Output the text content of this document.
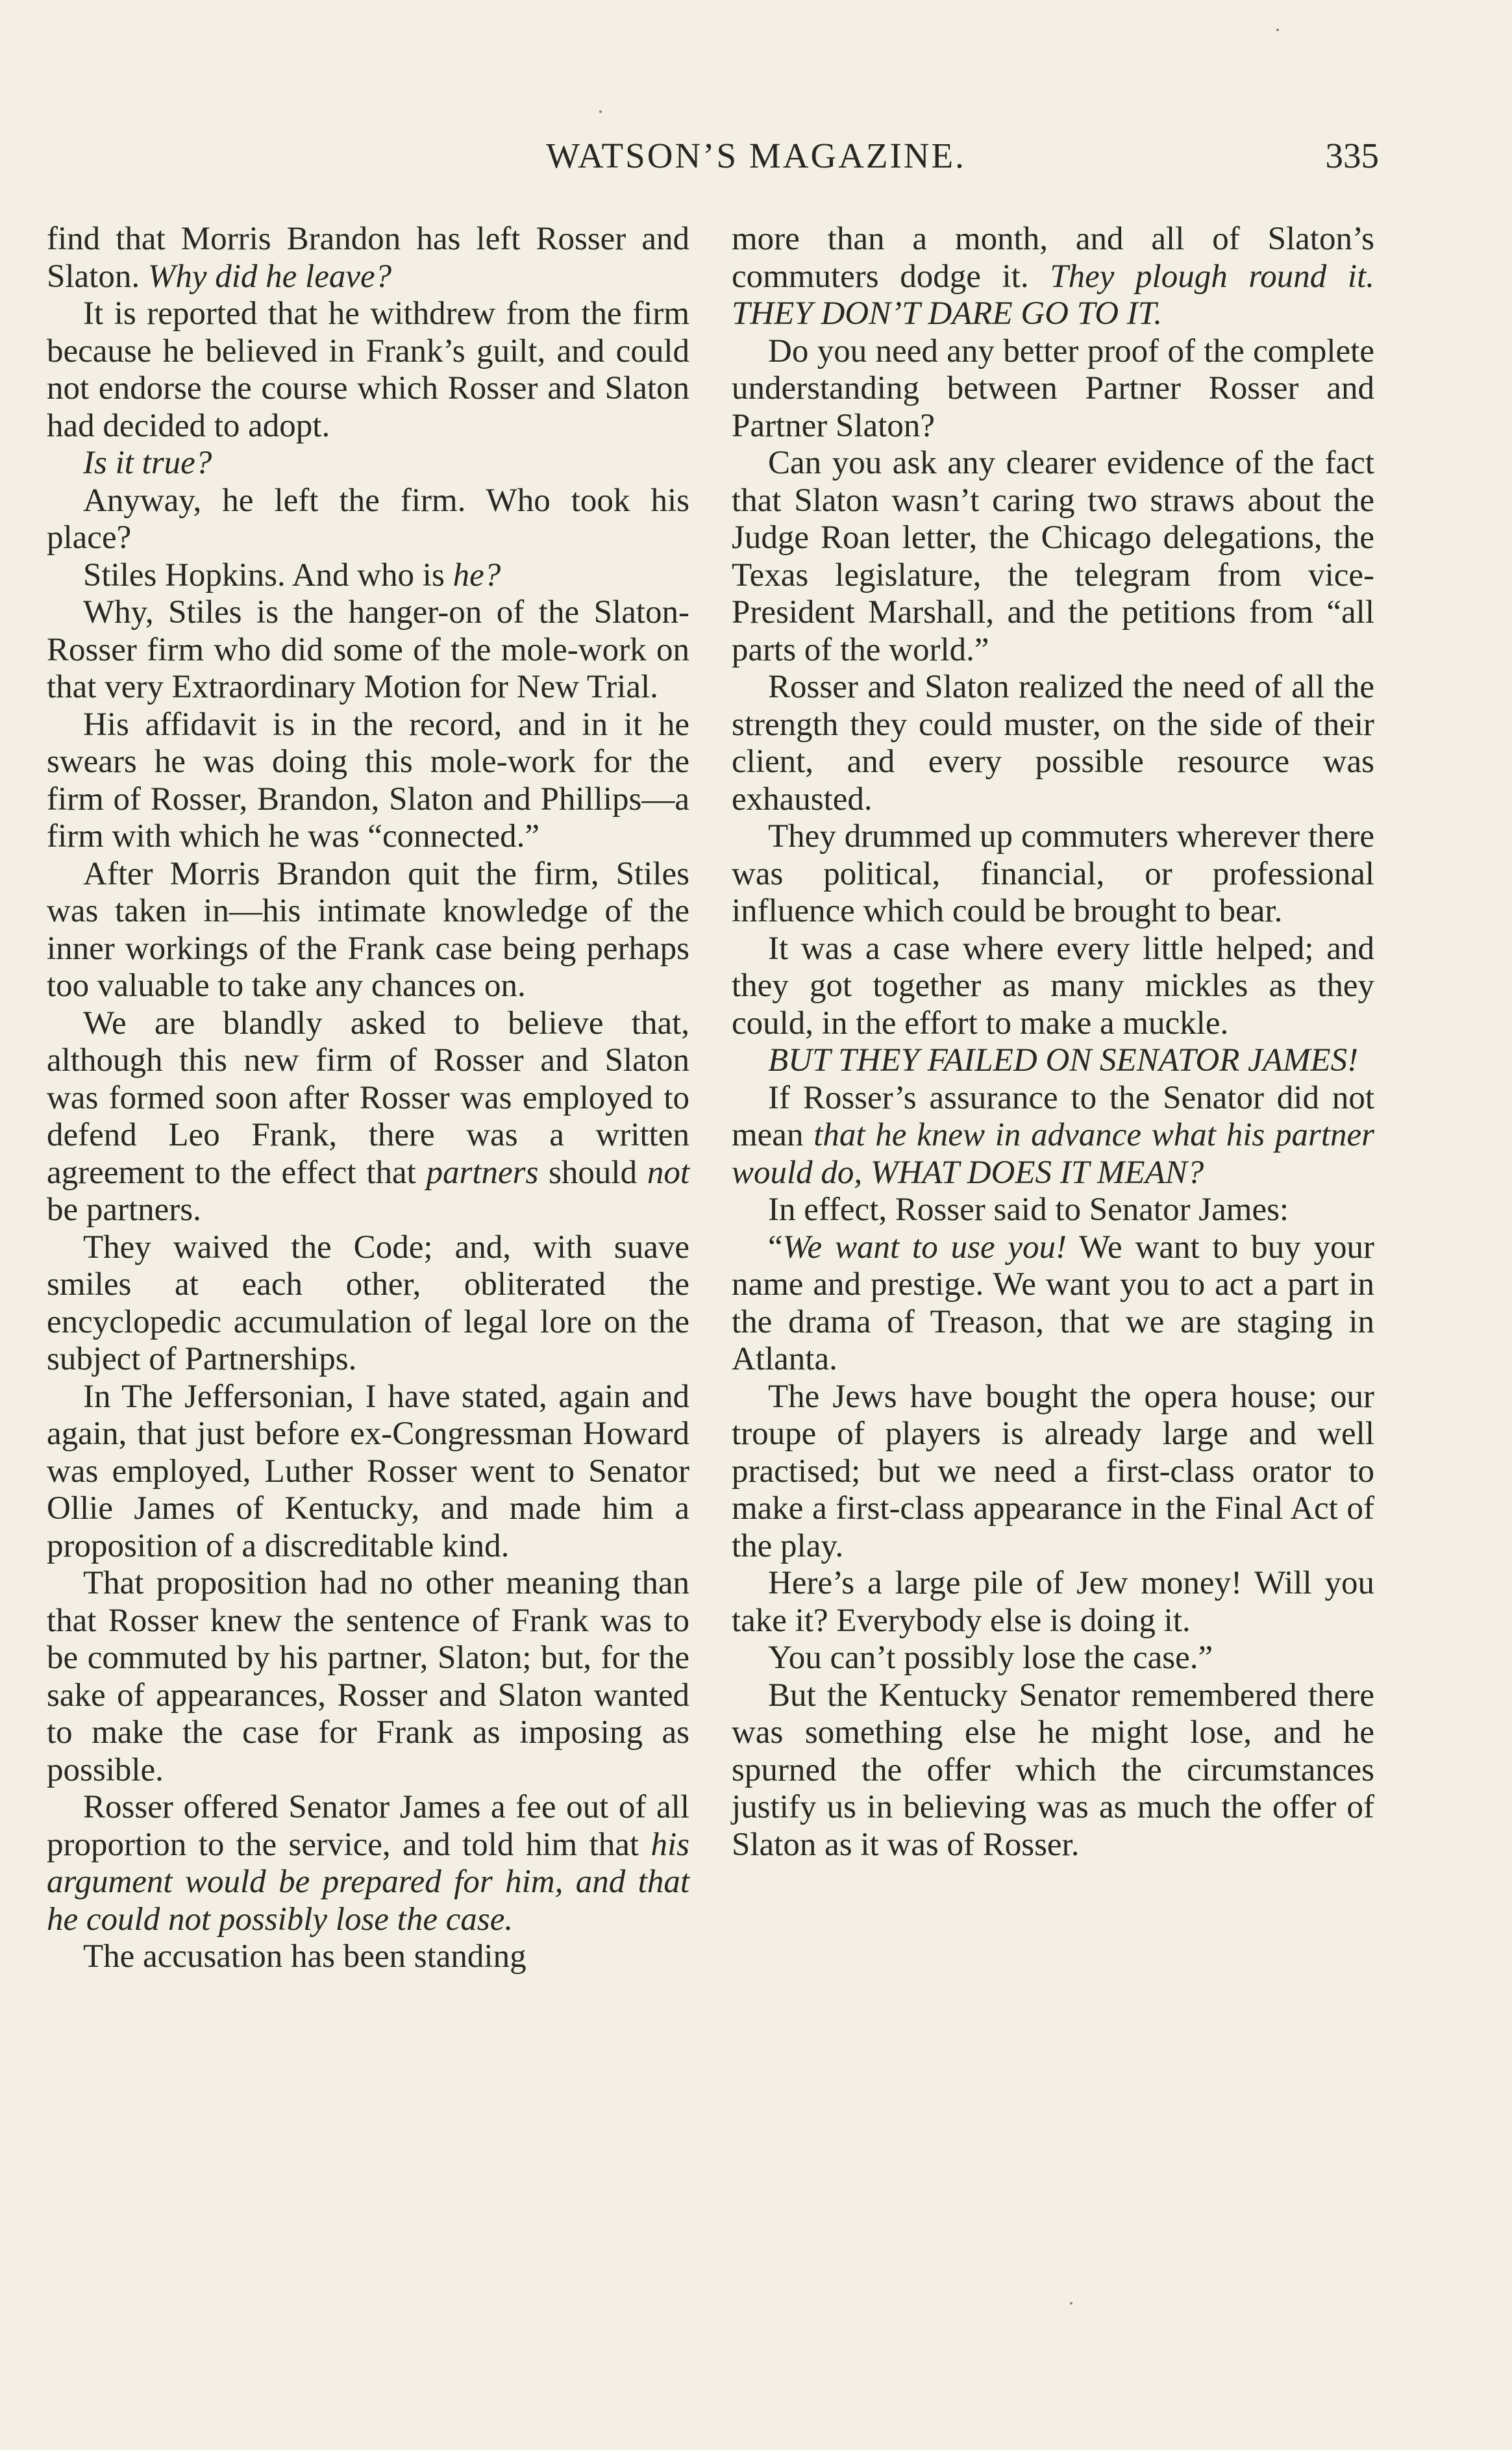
WATSON’S MAGAZINE.	335

find that Morris Brandon has left Rosser and Slaton. Why did he leave?

It is reported that he withdrew from the firm because he believed in Frank’s guilt, and could not endorse the course which Rosser and Slaton had decided to adopt.

Is it true?

Anyway, he left the firm. Who took his place?

Stiles Hopkins. And who is he?

Why, Stiles is the hanger-on of the Slaton-Rosser firm who did some of the mole-work on that very Extraordinary Motion for New Trial.

His affidavit is in the record, and in it he swears he was doing this mole-work for the firm of Rosser, Brandon, Slaton and Phillips—a firm with which he was “connected.”

After Morris Brandon quit the firm, Stiles was taken in—his intimate knowledge of the inner workings of the Frank case being perhaps too valuable to take any chances on.

We are blandly asked to believe that, although this new firm of Rosser and Slaton was formed soon after Rosser was employed to defend Leo Frank, there was a written agreement to the effect that partners should not be partners.

They waived the Code; and, with suave smiles at each other, obliterated the encyclopedic accumulation of legal lore on the subject of Partnerships.

In The Jeffersonian, I have stated, again and again, that just before ex-Congressman Howard was employed, Luther Rosser went to Senator Ollie James of Kentucky, and made him a proposition of a discreditable kind.

That proposition had no other meaning than that Rosser knew the sentence of Frank was to be commuted by his partner, Slaton; but, for the sake of appearances, Rosser and Slaton wanted to make the case for Frank as imposing as possible.

Rosser offered Senator James a fee out of all proportion to the service, and told him that his argument would be prepared for him, and that he could not possibly lose the case.

The accusation has been standing

more than a month, and all of Slaton’s commuters dodge it. They plough round it. THEY DON’T DARE GO TO IT.

Do you need any better proof of the complete understanding between Partner Rosser and Partner Slaton?

Can you ask any clearer evidence of the fact that Slaton wasn’t caring two straws about the Judge Roan letter, the Chicago delegations, the Texas legislature, the telegram from vice-President Marshall, and the petitions from “all parts of the world.”

Rosser and Slaton realized the need of all the strength they could muster, on the side of their client, and every possible resource was exhausted.

They drummed up commuters wherever there was political, financial, or professional influence which could be brought to bear.

It was a case where every little helped; and they got together as many mickles as they could, in the effort to make a muckle.

BUT THEY FAILED ON SENATOR JAMES!

If Rosser’s assurance to the Senator did not mean that he knew in advance what his partner would do, WHAT DOES IT MEAN?

In effect, Rosser said to Senator James:

“We want to use you! We want to buy your name and prestige. We want you to act a part in the drama of Treason, that we are staging in Atlanta.

The Jews have bought the opera house; our troupe of players is already large and well practised; but we need a first-class orator to make a first-class appearance in the Final Act of the play.

Here’s a large pile of Jew money! Will you take it? Everybody else is doing it.

You can’t possibly lose the case.”

But the Kentucky Senator remembered there was something else he might lose, and he spurned the offer which the circumstances justify us in believing was as much the offer of Slaton as it was of Rosser.
